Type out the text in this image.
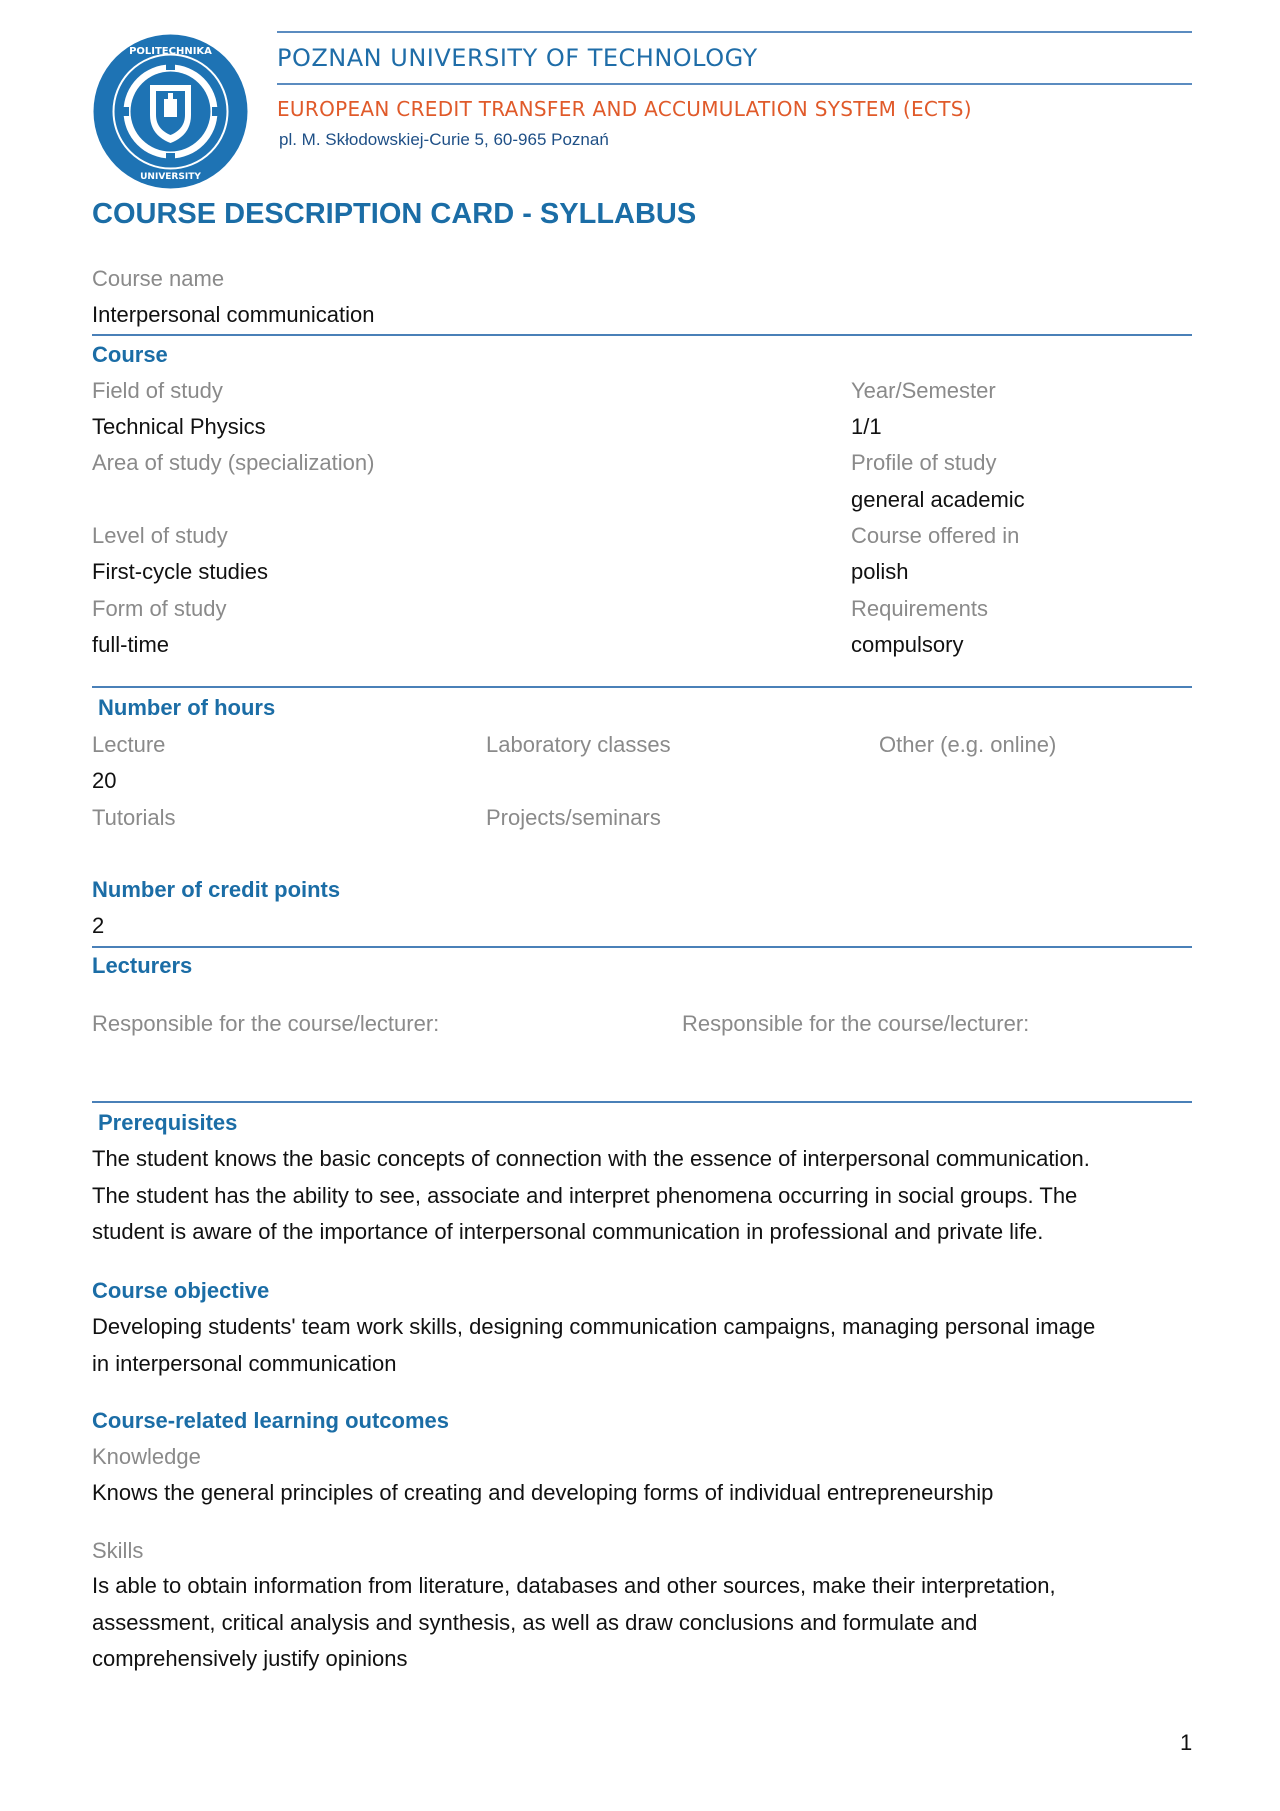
POLITECHNIKA
UNIVERSITY
POZNAN UNIVERSITY OF TECHNOLOGY
EUROPEAN CREDIT TRANSFER AND ACCUMULATION SYSTEM (ECTS)
pl. M. Skłodowskiej-Curie 5, 60-965 Poznań
COURSE DESCRIPTION CARD - SYLLABUS
Course name
Interpersonal communication
Course
Field of study
Technical Physics
Area of study (specialization)
Level of study
First-cycle studies
Form of study
full-time
Year/Semester
1/1
Profile of study
general academic
Course offered in
polish
Requirements
compulsory
Number of hours
Lecture
20
Tutorials
Laboratory classes
Projects/seminars
Other (e.g. online)
Number of credit points
2
Lecturers
Responsible for the course/lecturer:	Responsible for the course/lecturer:
Prerequisites
The student knows the basic concepts of connection with the essence of interpersonal communication.
The student has the ability to see, associate and interpret phenomena occurring in social groups. The
student is aware of the importance of interpersonal communication in professional and private life.
Course objective
Developing students' team work skills, designing communication campaigns, managing personal image
in interpersonal communication
Course-related learning outcomes
Knowledge
Knows the general principles of creating and developing forms of individual entrepreneurship
Skills
Is able to obtain information from literature, databases and other sources, make their interpretation,
assessment, critical analysis and synthesis, as well as draw conclusions and formulate and
comprehensively justify opinions
1
